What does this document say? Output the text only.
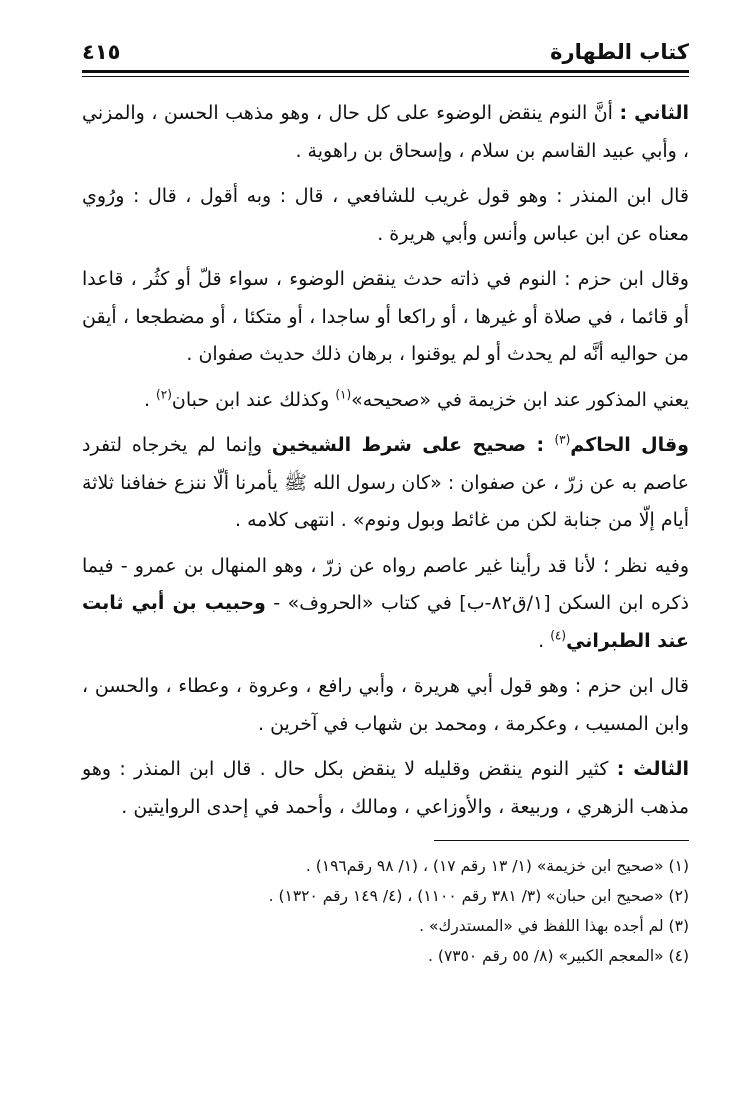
كتاب الطهارة
٤١٥

الثاني : أنَّ النوم ينقض الوضوء على كل حال ، وهو مذهب الحسن ، والمزني ، وأبي عبيد القاسم بن سلام ، وإسحاق بن راهوية .

قال ابن المنذر : وهو قول غريب للشافعي ، قال : وبه أقول ، قال : ورُوي معناه عن ابن عباس وأنس وأبي هريرة .

وقال ابن حزم : النوم في ذاته حدث ينقض الوضوء ، سواء قلّ أو كثُر ، قاعدا أو قائما ، في صلاة أو غيرها ، أو راكعا أو ساجدا ، أو متكئا ، أو مضطجعا ، أيقن من حواليه أنَّه لم يحدث أو لم يوقنوا ، برهان ذلك حديث صفوان .

يعني المذكور عند ابن خزيمة في «صحيحه»$^{(١)}$ وكذلك عند ابن حبان$^{(٢)}$ .

وقال الحاكم$^{(٣)}$ : صحيح على شرط الشيخين وإنما لم يخرجاه لتفرد عاصم به عن زرّ ، عن صفوان : «كان رسول الله ﷺ يأمرنا ألّا ننزع خفافنا ثلاثة أيام إلّا من جنابة لكن من غائط وبول ونوم» . انتهى كلامه .

وفيه نظر ؛ لأنا قد رأينا غير عاصم رواه عن زرّ ، وهو المنهال بن عمرو - فيما ذكره ابن السكن [١/ق٨٢-ب] في كتاب «الحروف» - وحبيب بن أبي ثابت عند الطبراني$^{(٤)}$ .

قال ابن حزم : وهو قول أبي هريرة ، وأبي رافع ، وعروة ، وعطاء ، والحسن ، وابن المسيب ، وعكرمة ، ومحمد بن شهاب في آخرين .

الثالث : كثير النوم ينقض وقليله لا ينقض بكل حال . قال ابن المنذر : وهو مذهب الزهري ، وربيعة ، والأوزاعي ، ومالك ، وأحمد في إحدى الروايتين .

(١) «صحيح ابن خزيمة» (١/ ١٣ رقم ١٧) ، (١/ ٩٨ رقم١٩٦) .
(٢) «صحيح ابن حبان» (٣/ ٣٨١ رقم ١١٠٠) ، (٤/ ١٤٩ رقم ١٣٢٠) .
(٣) لم أجده بهذا اللفظ في «المستدرك» .
(٤) «المعجم الكبير» (٨/ ٥٥ رقم ٧٣٥٠) .
